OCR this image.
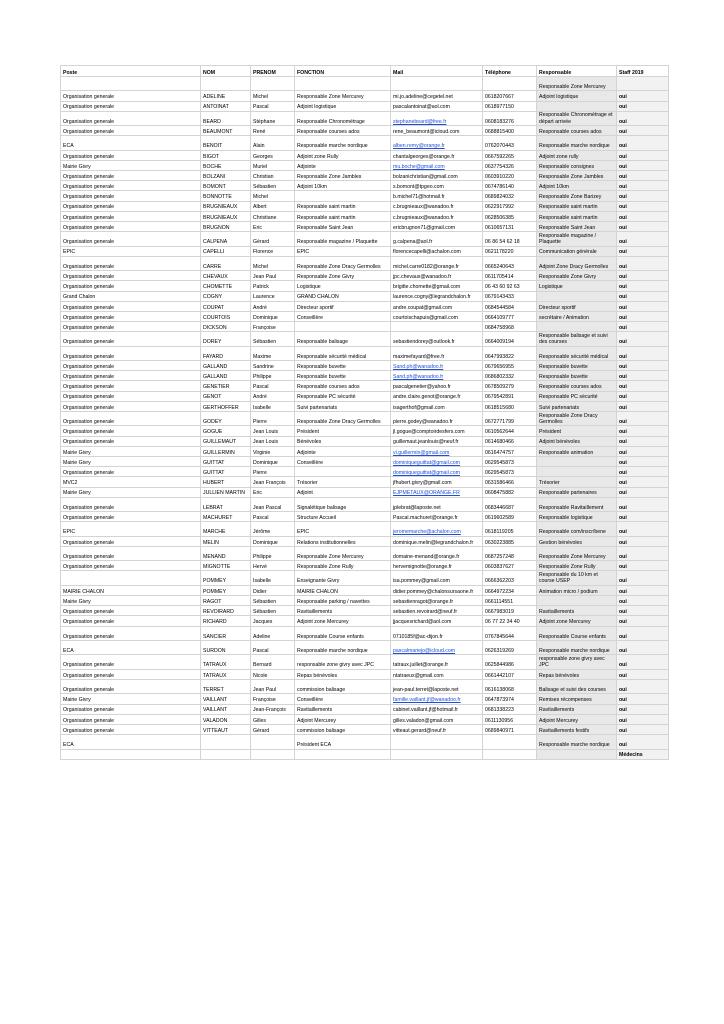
Poste	NOM	PRENOM	FONCTION	Mail	Téléphone	Responsable	Staff 2019
						Responsable Zone Mercurey	
Organisation generale	ADELINE	Michel	Responsable Zone Mercurey	mi.jo.adeline@cegetel.net	0618207667	Adjoint logistique	oui
Organisation generale	ANTOINAT	Pascal	Adjoint logistique	pascalantoinat@aol.com	0618977150		oui
Organisation generale	BEARD	Stéphane	Responsable Chronométrage	stephanebeard@free.fr	0608183276	Responsable Chronométrage et départ arrivée	oui
Organisation generale	BEAUMONT	René	Responsable courses ados	rene_beaumont@icloud.com	0688815400	Responsable courses ados	oui
ECA	BENOIT	Alain	Responsable marche nordique	alben.remy@orange.fr	0762070443	Responsable marche nordique	oui
Organisation generale	BIGOT	Georges	Adjoint zone Rully	chantalgeorges@orange.fr	0667592265	Adjoint zone rully	oui
Mairie Givry	BOCHE	Muriel	Adjointe	mu.boche@gmail.com	0637754326	Responsable consignes	oui
Organisation generale	BOLZANI	Christian	Responsable Zone Jambles	bolzanichristian@gmail.com	0603910220	Responsable Zone Jambles	oui
Organisation generale	BOMONT	Sébastien	Adjoint 10km	s.bomont@tpgeo.com	0674786140	Adjoint 10km	oui
Organisation generale	BONNOTTE	Michel		b.michel71@hotmail.fr	0689824032	Responsable Zone Barizey	oui
Organisation generale	BRUGNIEAUX	Albert	Responsable saint martin	c.brugnieaux@wanadoo.fr	0622917992	Responsable saint martin	oui
Organisation generale	BRUGNIEAUX	Christiane	Responsable saint martin	c.brugnieaux@wanadoo.fr	0628506385	Responsable saint martin	oui
Organisation generale	BRUGNON	Eric	Responsable Saint Jean	ericbrugnon71@gmail.com	0610657131	Responsable Saint Jean	oui
Organisation generale	CALPENA	Gérard	Responsable magazine / Plaquette	g.calpena@aol.fr	06 86 54 62 18	Responsable magazine / Plaquette	oui
EPIC	CAPELLI	Florence	EPIC	florencecapelli@achalon.com	0621178220	Communication générale	oui
Organisation generale	CARRE	Michel	Responsable Zone Dracy Germolles	michel.carre0182@orange.fr	0665240643	Adjoint Zone Dracy Germolles	oui
Organisation generale	CHEVAUX	Jean Paul	Responsable Zone Givry	jpc.chevaux@wanadoo.fr	0611705414	Responsable Zone Givry	oui
Organisation generale	CHOMETTE	Patrick	Logistique	brigitte.chomette@gmail.com	06 43 60 92 63	Logistique	oui
Grand Chalon	COGNY	Laurence	GRAND CHALON	laurence.cogny@legrandchalon.fr	0679143433		oui
Organisation generale	COUPAT	André	Directeur sportif	andre.coupat@gmail.com	0684544584	Directeur sportif	oui
Organisation generale	COURTOIS	Dominique	Conseillère	courtoischapuis@gmail.com	0664109777	secrétaire / Animation	oui
Organisation generale	DICKSON	Françoise			0684758968		oui
Organisation generale	DOREY	Sébastien	Responsable balisage	sebastiendorey@outlook.fr	0664009194	Responsable balisage et suivi des courses	oui
Organisation generale	FAYARD	Maxime	Responsable sécurité médical	maximefayard@free.fr	0647993822	Responsable sécurité médical	oui
Organisation generale	GALLAND	Sandrine	Responsable buvette	Sand.ph@wanadoo.fr	0679656955	Responsable buvette	oui
Organisation generale	GALLAND	Philippe	Responsable buvette	Sand.ph@wanadoo.fr	0686802332	Responsable buvette	oui
Organisation generale	GENETIER	Pascal	Responsable courses ados	pascalgenetier@yahoo.fr	0678509279	Responsable courses ados	oui
Organisation generale	GENOT	André	Responsable PC sécurité	andre.claire.genot@orange.fr	0679542891	Responsable PC sécurité	oui
Organisation generale	GERTHOFFER	Isabelle	Suivi partenariats	isagerthof@gmail.com	0618515680	Suivi partenariats	oui
Organisation generale	GODEY	Pierre	Responsable Zone Dracy Germolles	pierre.godey@wanadoo.fr	0672771799	Responsable Zone Dracy Germolles	oui
Organisation generale	GOGUE	Jean Louis	Président	jl.gogue@comptoirdesfers.com	0610562644	Président	oui
Organisation generale	GUILLEMAUT	Jean Louis	Bénévoles	guillemaut.jeanlouis@neuf.fr	0614680466	Adjoint bénévoles	oui
Mairie Givry	GUILLERMIN	Virginie	Adjointe	vi.guillermin@gmail.com	0616474757	Responsable animation	oui
Mairie Givry	GUITTAT	Dominique	Conseillère	dominiqueguittat@gmail.com	0629545873		oui
Organisation generale	GUITTAT	Pierre		dominiqueguittat@gmail.com	0629545873		oui
MVC2	HUBERT	Jean François	Trésorier	jfhubert.givry@gmail.com	0631586466	Trésorier	oui
Mairie Givry	JULLIEN MARTIN	Eric	Adjoint	EJPMETAUX@ORANGE.FR	0608475882	Responsable partenaires	oui
Organisation generale	LEBRAT	Jean Pascal	Signalétique balisage	jplebrat@laposte.net	0683446687	Responsable Ravitaillement	oui
Organisation generale	MACHURET	Pascal	Structure Accueil	Pascal.machuret@orange.fr	0619602589	Responsable logistique	oui
EPIC	MARCHE	Jérôme	EPIC	jeromemarche@achalon.com	0618119205	Responsable com/inscr/bene	oui
Organisation generale	MELIN	Dominique	Relations institutionnelles	dominique.melin@legrandchalon.fr	0630223885	Gestion bénévoles	oui
Organisation generale	MENAND	Philippe	Responsable Zone Mercurey	domaine-menand@orange.fr	0687257248	Responsable Zone Mercurey	oui
Organisation generale	MIGNOTTE	Hervé	Responsable Zone Rully	hervemignotte@orange.fr	0603837627	Responsable Zone Rully	oui
	POMMEY	Isabelle	Enseignante Givry	isa.pommey@gmail.com	0666362203	Responsable du 10 km et course USEP	oui
MAIRIE CHALON	POMMEY	Didier	MAIRIE CHALON	didier.pommey@chalonsursaone.fr	0664972234	Animation micro / podium	oui
Mairie Givry	RAGOT	Sébastien	Responsable parking / navettes	sebastienragot@orange.fr	0661114551		oui
Organisation generale	REVOIRARD	Sébastien	Ravitaillements	sebastien.revoirard@neuf.fr	0667983019	Ravitaillements	oui
Organisation generale	RICHARD	Jacques	Adjoint zone Mercurey	jjacquesrichard@aol.com	06 77 22 34 40	Adjoint zone Mercurey	oui
Organisation generale	SANCIER	Adeline	Responsable Course enfants	0710185f@ac-dijon.fr	0767845644	Responsable Course enfants	oui
ECA	SURDON	Pascal	Responsable marche nordique	pascalmariejo@icloud.com	0626319269	Responsable marche nordique	oui
Organisation generale	TATRAUX	Bernard	responsable zone givry avec JPC	tatraux.juillet@orange.fr	0625844986	responsable zone givry avec JPC	oui
Organisation generale	TATRAUX	Nicole	Repas bénévoles	ntatraeux@gmail.com	0661442107	Repas bénévoles	oui
Organisation generale	TERRET	Jean Paul	commission balisage	jean-paul.terret@laposte.net	0616138068	Balisage et suivi des courses	oui
Mairie Givry	VAILLANT	Françoise	Conseillère	famille.vaillant.jf@wanadoo.fr	0647873974	Remises récompenses	oui
Organisation generale	VAILLANT	Jean-François	Ravitaillements	cabinet.vaillant.jf@hotmail.fr	0681338223	Ravitaillements	oui
Organisation generale	VALADON	Gilles	Adjoint Mercurey	gilles.valadon@gmail.com	0611130956	Adjoint Mercurey	oui
Organisation generale	VITTEAUT	Gérard	commission balisage	vitteaut.gerard@neuf.fr	0689840971	Ravitaillements festifs	oui
ECA			Président ECA			Responsable marche nordique	oui
							Médecins
